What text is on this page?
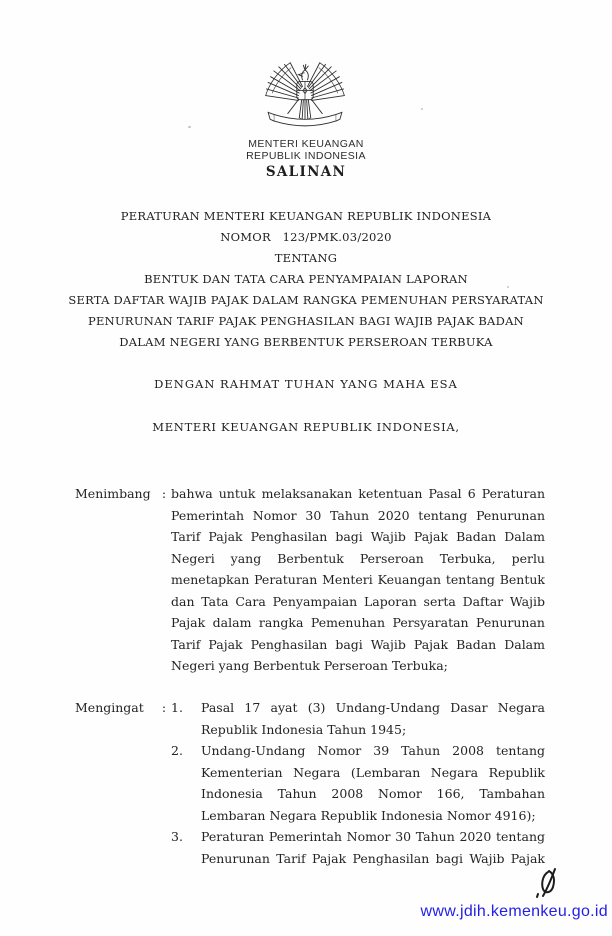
MENTERI KEUANGAN
REPUBLIK INDONESIA
SALINAN
PERATURAN MENTERI KEUANGAN REPUBLIK INDONESIA
NOMOR   123/PMK.03/2020
TENTANG
BENTUK DAN TATA CARA PENYAMPAIAN LAPORAN
SERTA DAFTAR WAJIB PAJAK DALAM RANGKA PEMENUHAN PERSYARATAN
PENURUNAN TARIF PAJAK PENGHASILAN BAGI WAJIB PAJAK BADAN
DALAM NEGERI YANG BERBENTUK PERSEROAN TERBUKA
DENGAN RAHMAT TUHAN YANG MAHA ESA
MENTERI KEUANGAN REPUBLIK INDONESIA,
Menimbang : bahwa untuk melaksanakan ketentuan Pasal 6 Peraturan Pemerintah Nomor 30 Tahun 2020 tentang Penurunan Tarif Pajak Penghasilan bagi Wajib Pajak Badan Dalam Negeri yang Berbentuk Perseroan Terbuka, perlu menetapkan Peraturan Menteri Keuangan tentang Bentuk dan Tata Cara Penyampaian Laporan serta Daftar Wajib Pajak dalam rangka Pemenuhan Persyaratan Penurunan Tarif Pajak Penghasilan bagi Wajib Pajak Badan Dalam Negeri yang Berbentuk Perseroan Terbuka;
Mengingat	: 1.	Pasal 17 ayat (3) Undang-Undang Dasar Negara Republik Indonesia Tahun 1945;
2.	Undang-Undang Nomor 39 Tahun 2008 tentang Kementerian Negara (Lembaran Negara Republik Indonesia Tahun 2008 Nomor 166, Tambahan Lembaran Negara Republik Indonesia Nomor 4916);
3.	Peraturan Pemerintah Nomor 30 Tahun 2020 tentang Penurunan Tarif Pajak Penghasilan bagi Wajib Pajak
www.jdih.kemenkeu.go.id
